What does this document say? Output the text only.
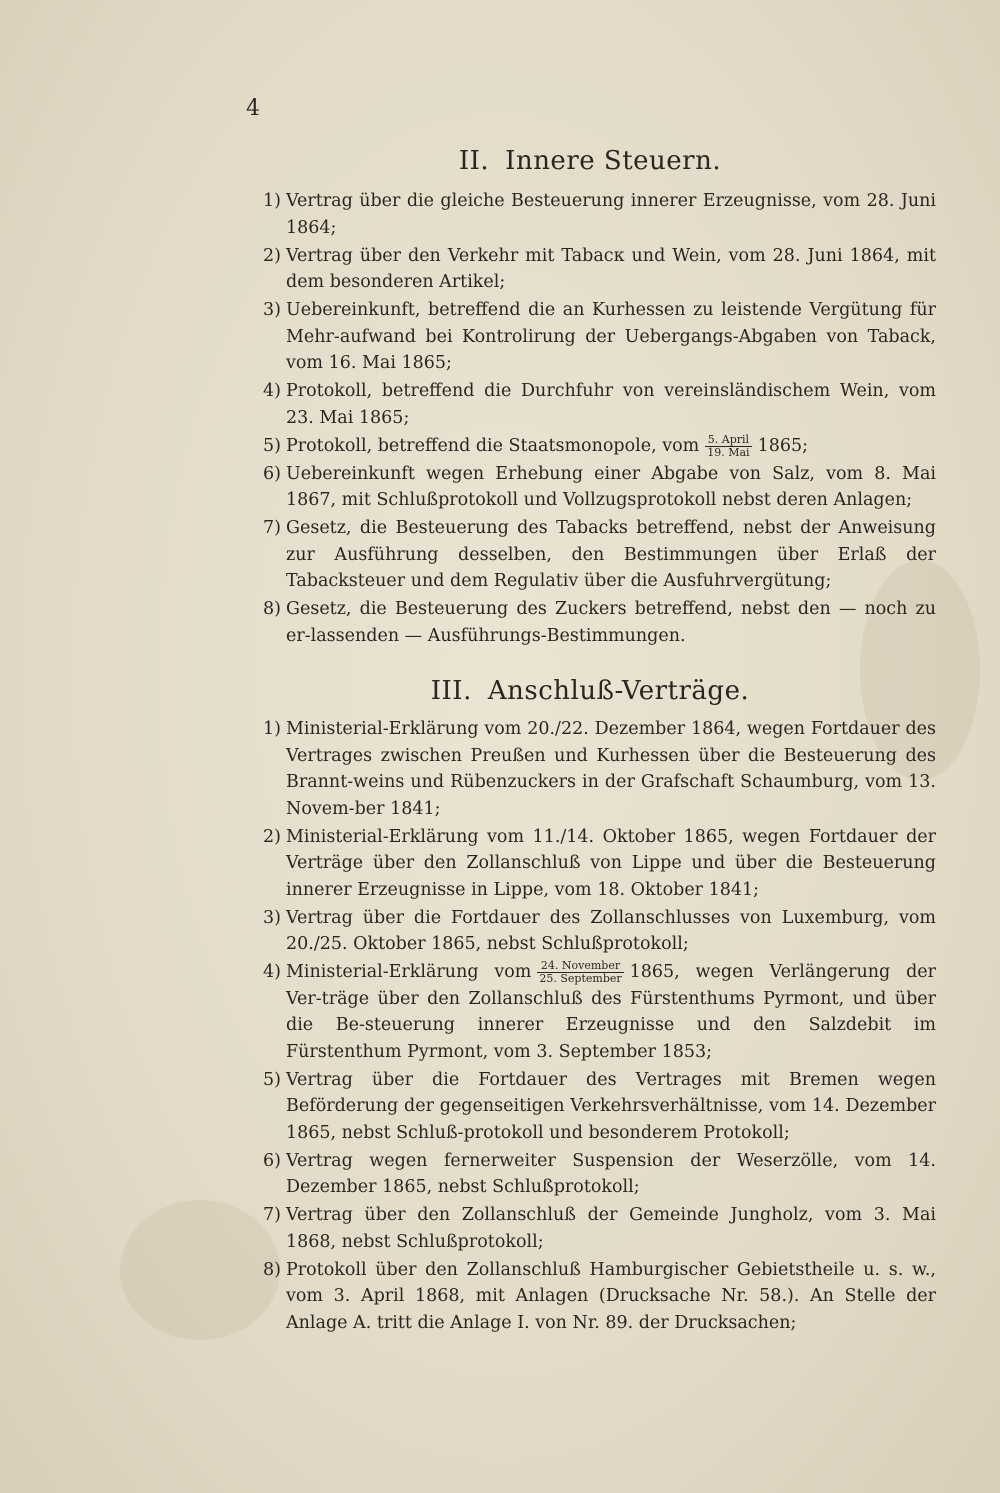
4
II. Innere Steuern.
1) Vertrag über die gleiche Besteuerung innerer Erzeugnisse, vom 28. Juni 1864;
2) Vertrag über den Verkehr mit Tabacк und Wein, vom 28. Juni 1864, mit dem besonderen Artikel;
3) Uebereinkunft, betreffend die an Kurhessen zu leistende Vergütung für Mehr-aufwand bei Kontrolirung der Uebergangs-Abgaben von Taback, vom 16. Mai 1865;
4) Protokoll, betreffend die Durchfuhr von vereinsländischem Wein, vom 23. Mai 1865;
5) Protokoll, betreffend die Staatsmonopole, vom $\frac{\text{5. April}}{\text{19. Mai}} 1865$;
6) Uebereinkunft wegen Erhebung einer Abgabe von Salz, vom 8. Mai 1867, mit Schlußprotokoll und Vollzugsprotokoll nebst deren Anlagen;
7) Gesetz, die Besteuerung des Tabacks betreffend, nebst der Anweisung zur Ausführung desselben, den Bestimmungen über Erlaß der Tabacksteuer und dem Regulativ über die Ausfuhrvergütung;
8) Gesetz, die Besteuerung des Zuckers betreffend, nebst den — noch zu er-lassenden — Ausführungs-Bestimmungen.
III. Anschluß-Verträge.
1) Ministerial-Erklärung vom 20./22. Dezember 1864, wegen Fortdauer des Vertrages zwischen Preußen und Kurhessen über die Besteuerung des Brannt-weins und Rübenzuckers in der Grafschaft Schaumburg, vom 13. Novem-ber 1841;
2) Ministerial-Erklärung vom 11./14. Oktober 1865, wegen Fortdauer der Verträge über den Zollanschluß von Lippe und über die Besteuerung innerer Erzeugnisse in Lippe, vom 18. Oktober 1841;
3) Vertrag über die Fortdauer des Zollanschlusses von Luxemburg, vom 20./25. Oktober 1865, nebst Schlußprotokoll;
4) Ministerial-Erklärung vom $\frac{\text{24. November}}{\text{25. September}} 1865$, wegen Verlängerung der Ver-träge über den Zollanschluß des Fürstenthums Pyrmont, und über die Be-steuerung innerer Erzeugnisse und den Salzdebit im Fürstenthum Pyrmont, vom 3. September 1853;
5) Vertrag über die Fortdauer des Vertrages mit Bremen wegen Beförderung der gegenseitigen Verkehrsverhältnisse, vom 14. Dezember 1865, nebst Schluß-protokoll und besonderem Protokoll;
6) Vertrag wegen fernerweiter Suspension der Weserzölle, vom 14. Dezember 1865, nebst Schlußprotokoll;
7) Vertrag über den Zollanschluß der Gemeinde Jungholz, vom 3. Mai 1868, nebst Schlußprotokoll;
8) Protokoll über den Zollanschluß Hamburgischer Gebietstheile u. s. w., vom 3. April 1868, mit Anlagen (Drucksache Nr. 58.). An Stelle der Anlage A. tritt die Anlage I. von Nr. 89. der Drucksachen;
